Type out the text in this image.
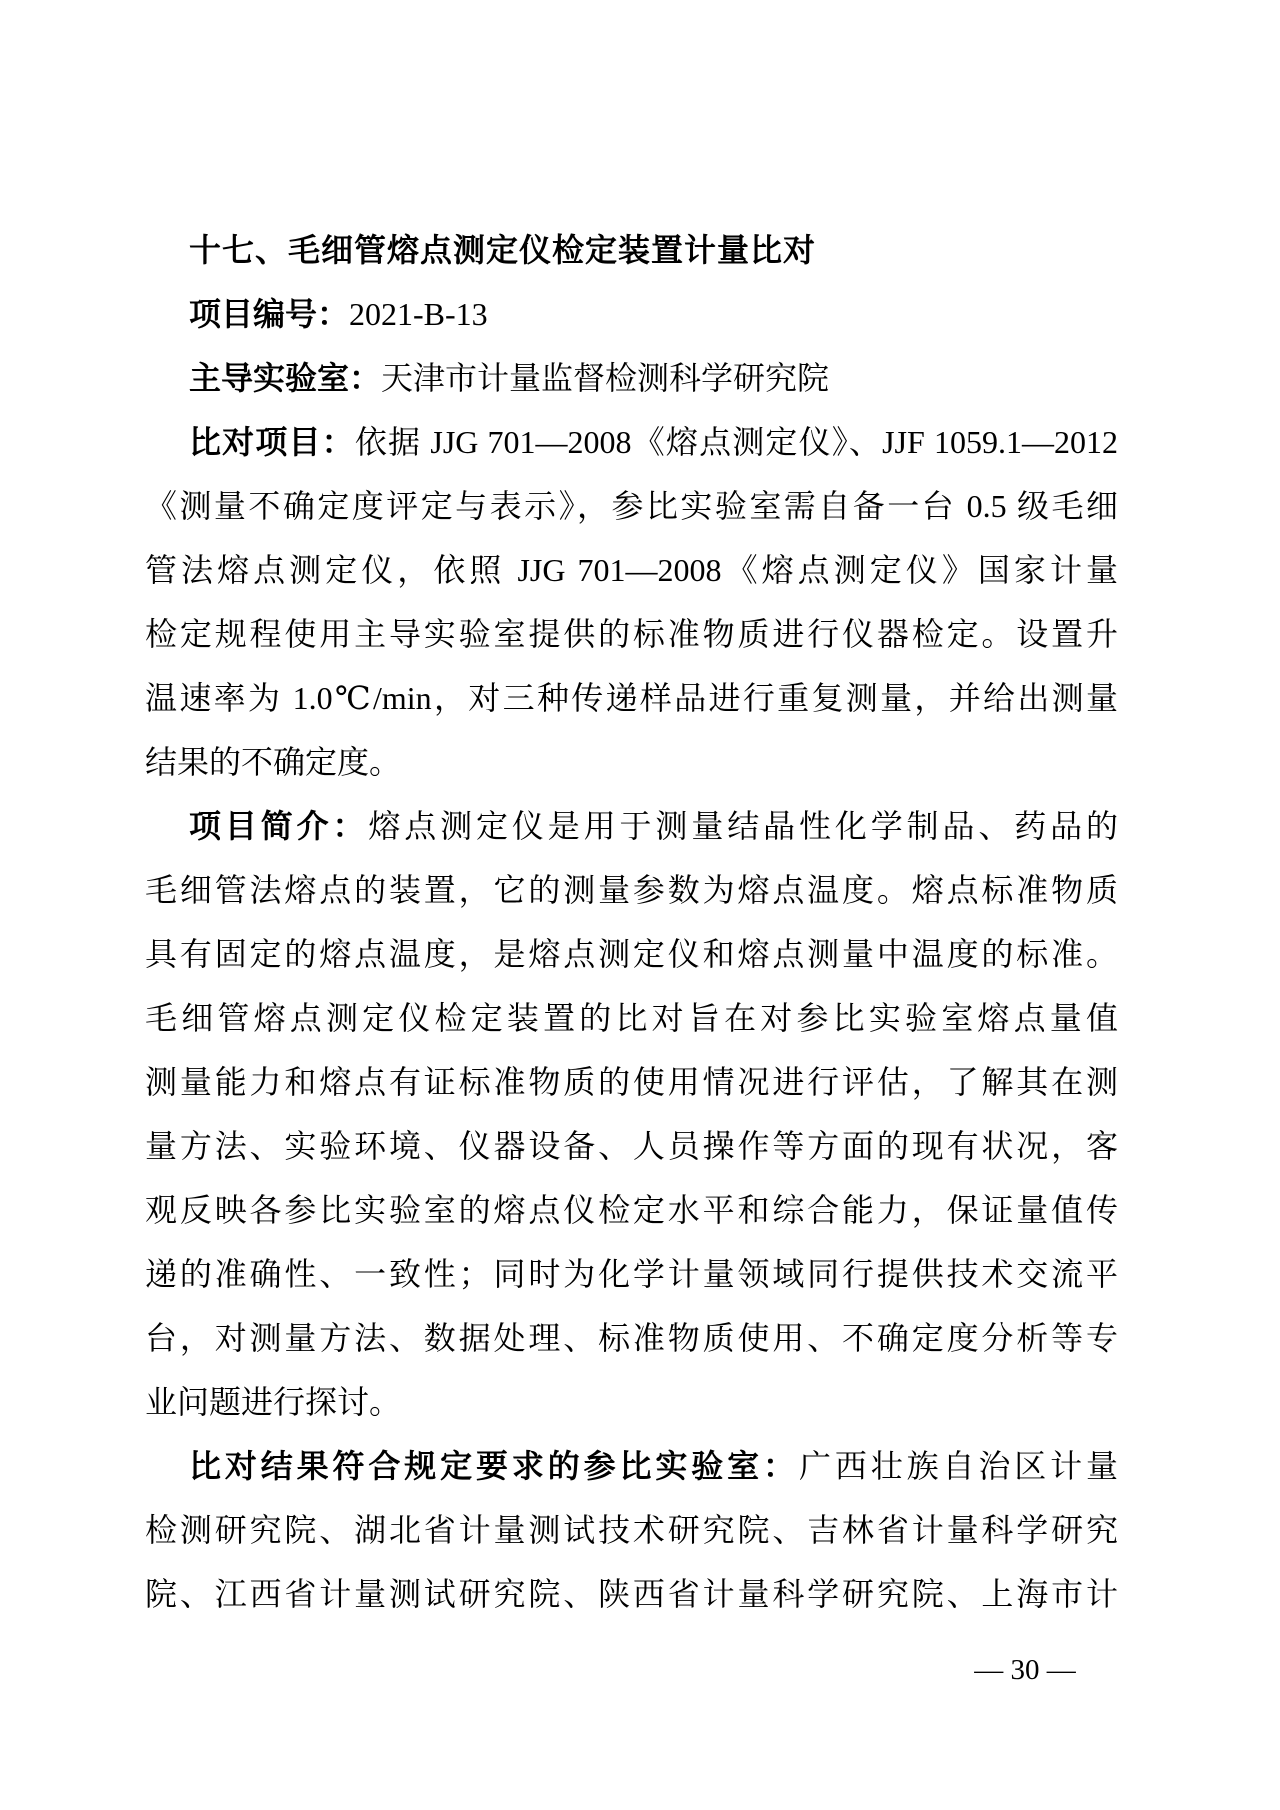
十七、毛细管熔点测定仪检定装置计量比对
项目编号：2021-B-13
主导实验室：天津市计量监督检测科学研究院
比对项目：依据 JJG 701—2008《熔点测定仪》、JJF 1059.1—2012
《测量不确定度评定与表示》，参比实验室需自备一台 0.5 级毛细
管法熔点测定仪，依照 JJG 701—2008《熔点测定仪》国家计量
检定规程使用主导实验室提供的标准物质进行仪器检定。设置升
温速率为 1.0℃/min，对三种传递样品进行重复测量，并给出测量
结果的不确定度。
项目简介：熔点测定仪是用于测量结晶性化学制品、药品的
毛细管法熔点的装置，它的测量参数为熔点温度。熔点标准物质
具有固定的熔点温度，是熔点测定仪和熔点测量中温度的标准。
毛细管熔点测定仪检定装置的比对旨在对参比实验室熔点量值
测量能力和熔点有证标准物质的使用情况进行评估，了解其在测
量方法、实验环境、仪器设备、人员操作等方面的现有状况，客
观反映各参比实验室的熔点仪检定水平和综合能力，保证量值传
递的准确性、一致性；同时为化学计量领域同行提供技术交流平
台，对测量方法、数据处理、标准物质使用、不确定度分析等专
业问题进行探讨。
比对结果符合规定要求的参比实验室：广西壮族自治区计量
检测研究院、湖北省计量测试技术研究院、吉林省计量科学研究
院、江西省计量测试研究院、陕西省计量科学研究院、上海市计
— 30 —
